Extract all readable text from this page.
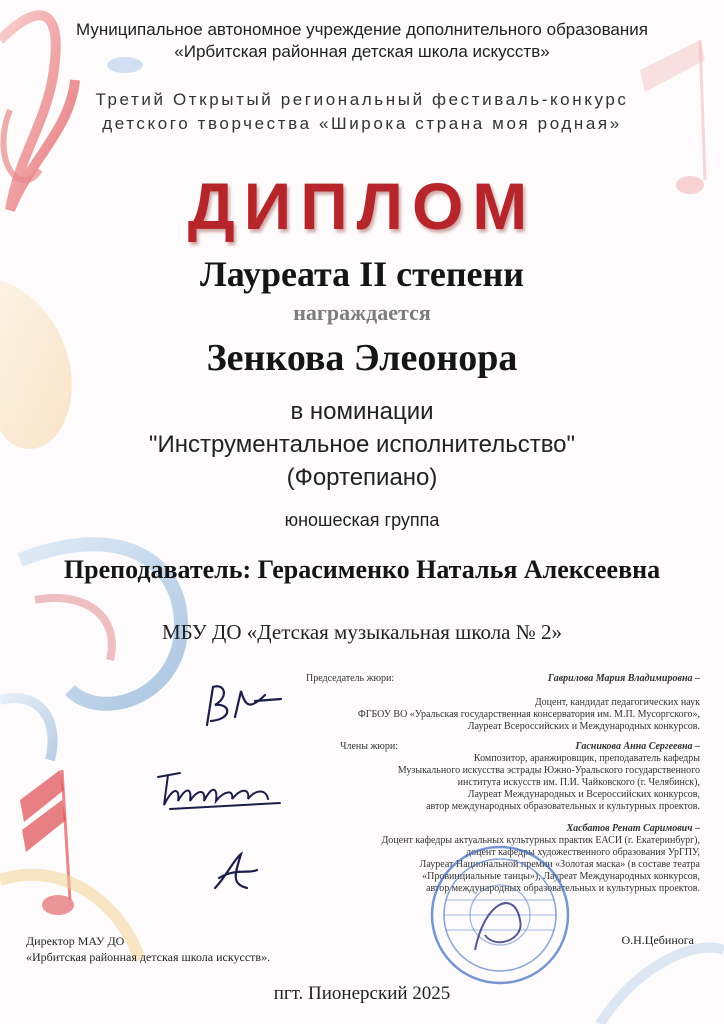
Муниципальное автономное учреждение дополнительного образования
«Ирбитская районная детская школа искусств»
Третий Открытый региональный фестиваль-конкурс
детского творчества «Широка страна моя родная»
ДИПЛОМ
Лауреата II степени
награждается
Зенкова Элеонора
в номинации
"Инструментальное исполнительство"
(Фортепиано)
юношеская группа
Преподаватель: Герасименко Наталья Алексеевна
МБУ ДО «Детская музыкальная школа № 2»
Председатель жюри:	Гаврилова Мария Владимировна –
Доцент, кандидат педагогических наук
ФГБОУ ВО «Уральская государственная консерватория им. М.П. Мусоргского»,
Лауреат Всероссийских и Международных конкурсов.
Члены жюри:	Гасникова Анна Сергеевна –
Композитор, аранжировщик, преподаватель кафедры
Музыкального искусства эстрады Южно-Уральского государственного
института искусств им. П.И. Чайковского (г. Челябинск),
Лауреат Международных и Всероссийских конкурсов,
автор международных образовательных и культурных проектов.
Хасбатов Ренат Саримович –
Доцент кафедры актуальных культурных практик ЕАСИ (г. Екатеринбург),
доцент кафедры художественного образования УрГПУ,
Лауреат Национальной премии «Золотая маска» (в составе театра
«Провинциальные танцы»), Лауреат Международных конкурсов,
автор международных образовательных и культурных проектов.
Директор МАУ ДО
«Ирбитская районная детская школа искусств».
О.Н.Цебинога
пгт. Пионерский 2025
